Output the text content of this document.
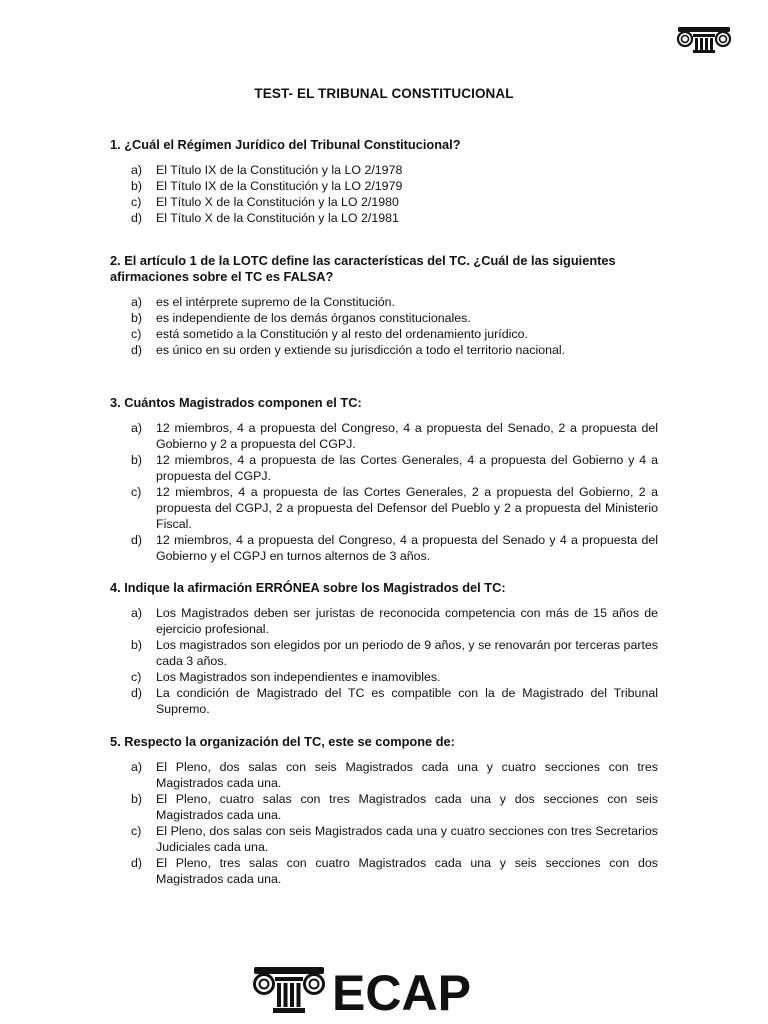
TEST- EL TRIBUNAL CONSTITUCIONAL
1. ¿Cuál el Régimen Jurídico del Tribunal Constitucional?
a) El Título IX de la Constitución y la LO 2/1978
b) El Título IX de la Constitución y la LO 2/1979
c) El Título X de la Constitución y la LO 2/1980
d) El Título X de la Constitución y la LO 2/1981
2. El artículo 1 de la LOTC define las características del TC. ¿Cuál de las siguientes afirmaciones sobre el TC es FALSA?
a) es el intérprete supremo de la Constitución.
b) es independiente de los demás órganos constitucionales.
c) está sometido a la Constitución y al resto del ordenamiento jurídico.
d) es único en su orden y extiende su jurisdicción a todo el territorio nacional.
3. Cuántos Magistrados componen el TC:
a) 12 miembros, 4 a propuesta del Congreso, 4 a propuesta del Senado, 2 a propuesta del Gobierno y 2 a propuesta del CGPJ.
b) 12 miembros, 4 a propuesta de las Cortes Generales, 4 a propuesta del Gobierno y 4 a propuesta del CGPJ.
c) 12 miembros, 4 a propuesta de las Cortes Generales, 2 a propuesta del Gobierno, 2 a propuesta del CGPJ, 2 a propuesta del Defensor del Pueblo y 2 a propuesta del Ministerio Fiscal.
d) 12 miembros, 4 a propuesta del Congreso, 4 a propuesta del Senado y 4 a propuesta del Gobierno y el CGPJ en turnos alternos de 3 años.
4. Indique la afirmación ERRÓNEA sobre los Magistrados del TC:
a) Los Magistrados deben ser juristas de reconocida competencia con más de 15 años de ejercicio profesional.
b) Los magistrados son elegidos por un periodo de 9 años, y se renovarán por terceras partes cada 3 años.
c) Los Magistrados son independientes e inamovibles.
d) La condición de Magistrado del TC es compatible con la de Magistrado del Tribunal Supremo.
5. Respecto la organización del TC, este se compone de:
a) El Pleno, dos salas con seis Magistrados cada una y cuatro secciones con tres Magistrados cada una.
b) El Pleno, cuatro salas con tres Magistrados cada una y dos secciones con seis Magistrados cada una.
c) El Pleno, dos salas con seis Magistrados cada una y cuatro secciones con tres Secretarios Judiciales cada una.
d) El Pleno, tres salas con cuatro Magistrados cada una y seis secciones con dos Magistrados cada una.
ECAP
